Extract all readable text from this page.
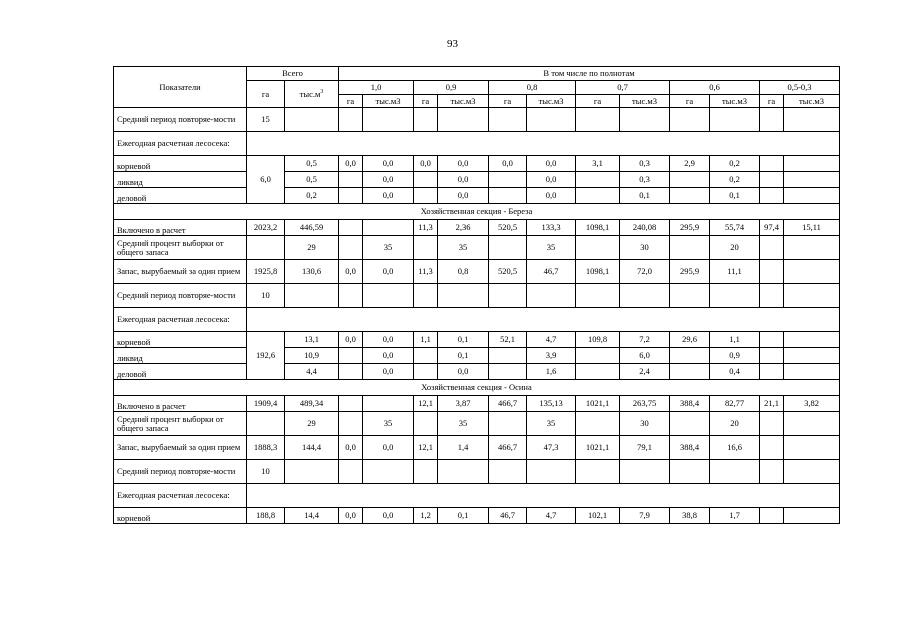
93
Показатели	Всего		В том числе по полнотам											
	га	$тыс.м^3$	1,0		0,9		0,8		0,7		0,6		0,5-0,3	
			га	тыс.м3	га	тыс.м3	га	тыс.м3	га	тыс.м3	га	тыс.м3	га	тыс.м3
Средний период повторяе-мости	15													
Ежегодная расчетная лесосека:														
корневой	6,0	0,5	0,0	0,0	0,0	0,0	0,0	0,0	3,1	0,3	2,9	0,2		
ликвид		0,5		0,0		0,0		0,0		0,3		0,2		
деловой		0,2		0,0		0,0		0,0		0,1		0,1		
Хозяйственная секция - Береза														
Включено в расчет	2023,2	446,59			11,3	2,36	520,5	133,3	1098,1	240,08	295,9	55,74	97,4	15,11
Средний процент выборки от общего запаса		29		35		35		35		30		20		
Запас, вырубаемый за один прием	1925,8	130,6	0,0	0,0	11,3	0,8	520,5	46,7	1098,1	72,0	295,9	11,1		
Средний период повторяе-мости	10													
Ежегодная расчетная лесосека:														
корневой	192,6	13,1	0,0	0,0	1,1	0,1	52,1	4,7	109,8	7,2	29,6	1,1		
ликвид		10,9		0,0		0,1		3,9		6,0		0,9		
деловой		4,4		0,0		0,0		1,6		2,4		0,4		
Хозяйственная секция - Осина														
Включено в расчет	1909,4	489,34			12,1	3,87	466,7	135,13	1021,1	263,75	388,4	82,77	21,1	3,82
Средний процент выборки от общего запаса		29		35		35		35		30		20		
Запас, вырубаемый за один прием	1888,3	144,4	0,0	0,0	12,1	1,4	466,7	47,3	1021,1	79,1	388,4	16,6		
Средний период повторяе-мости	10													
Ежегодная расчетная лесосека:														
корневой	188,8	14,4	0,0	0,0	1,2	0,1	46,7	4,7	102,1	7,9	38,8	1,7		
